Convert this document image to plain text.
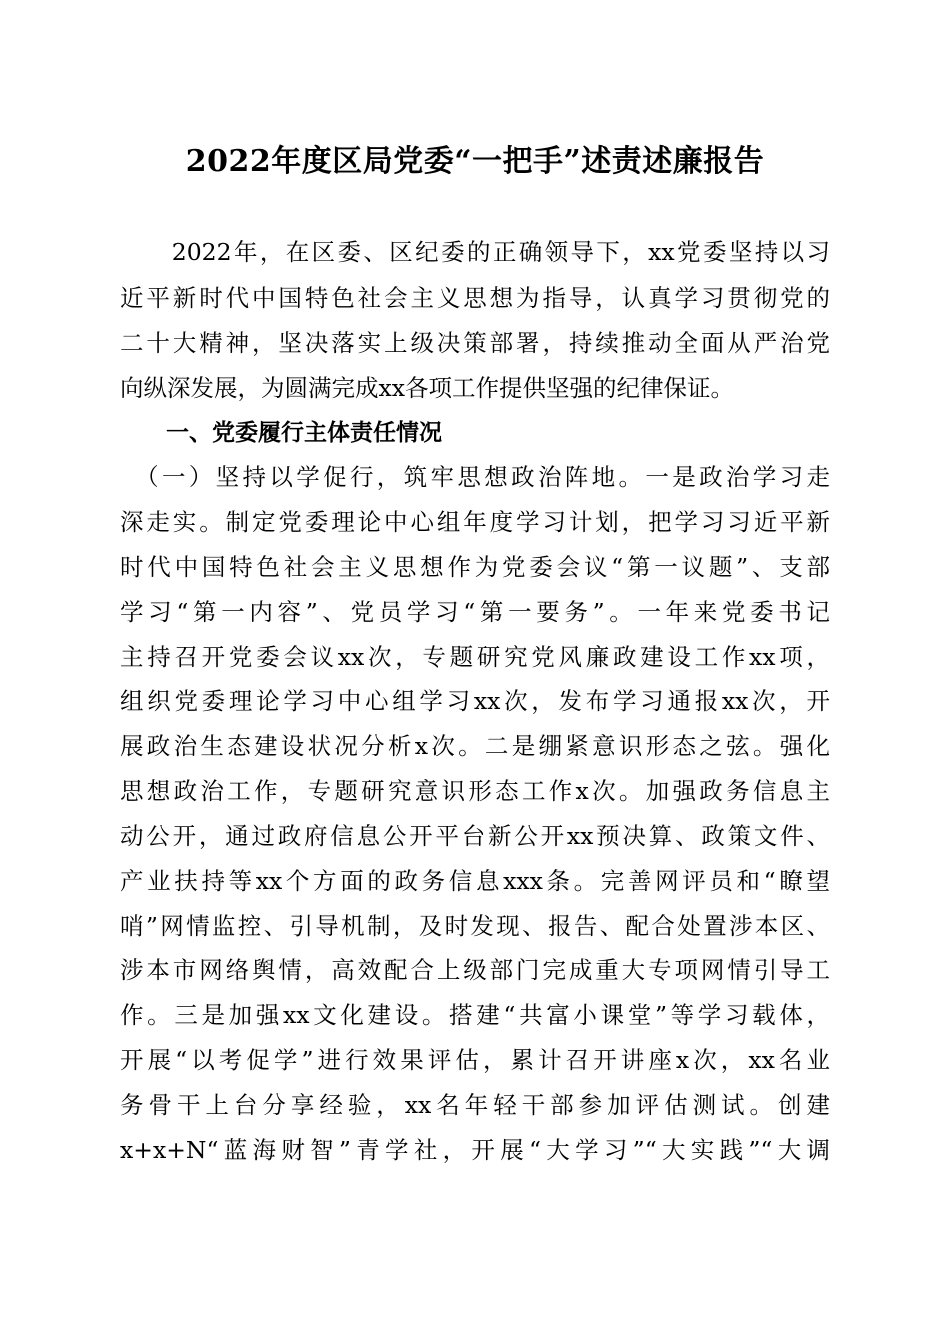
2022年度区局党委“一把手”述责述廉报告
　　2022年，在区委、区纪委的正确领导下，xx党委坚持以习
近平新时代中国特色社会主义思想为指导，认真学习贯彻党的
二十大精神，坚决落实上级决策部署，持续推动全面从严治党
向纵深发展，为圆满完成xx各项工作提供坚强的纪律保证。
一、党委履行主体责任情况
　（一）坚持以学促行，筑牢思想政治阵地。一是政治学习走
深走实。制定党委理论中心组年度学习计划，把学习习近平新
时代中国特色社会主义思想作为党委会议“第一议题”、支部
学习“第一内容”、党员学习“第一要务”。一年来党委书记
主持召开党委会议xx次，专题研究党风廉政建设工作xx项，
组织党委理论学习中心组学习xx次，发布学习通报xx次，开
展政治生态建设状况分析x次。二是绷紧意识形态之弦。强化
思想政治工作，专题研究意识形态工作x次。加强政务信息主
动公开，通过政府信息公开平台新公开xx预决算、政策文件、
产业扶持等xx个方面的政务信息xxx条。完善网评员和“瞭望
哨”网情监控、引导机制，及时发现、报告、配合处置涉本区、
涉本市网络舆情，高效配合上级部门完成重大专项网情引导工
作。三是加强xx文化建设。搭建“共富小课堂”等学习载体，
开展“以考促学”进行效果评估，累计召开讲座x次，xx名业
务骨干上台分享经验，xx名年轻干部参加评估测试。创建
x+x+N“蓝海财智”青学社，开展“大学习”“大实践”“大调
